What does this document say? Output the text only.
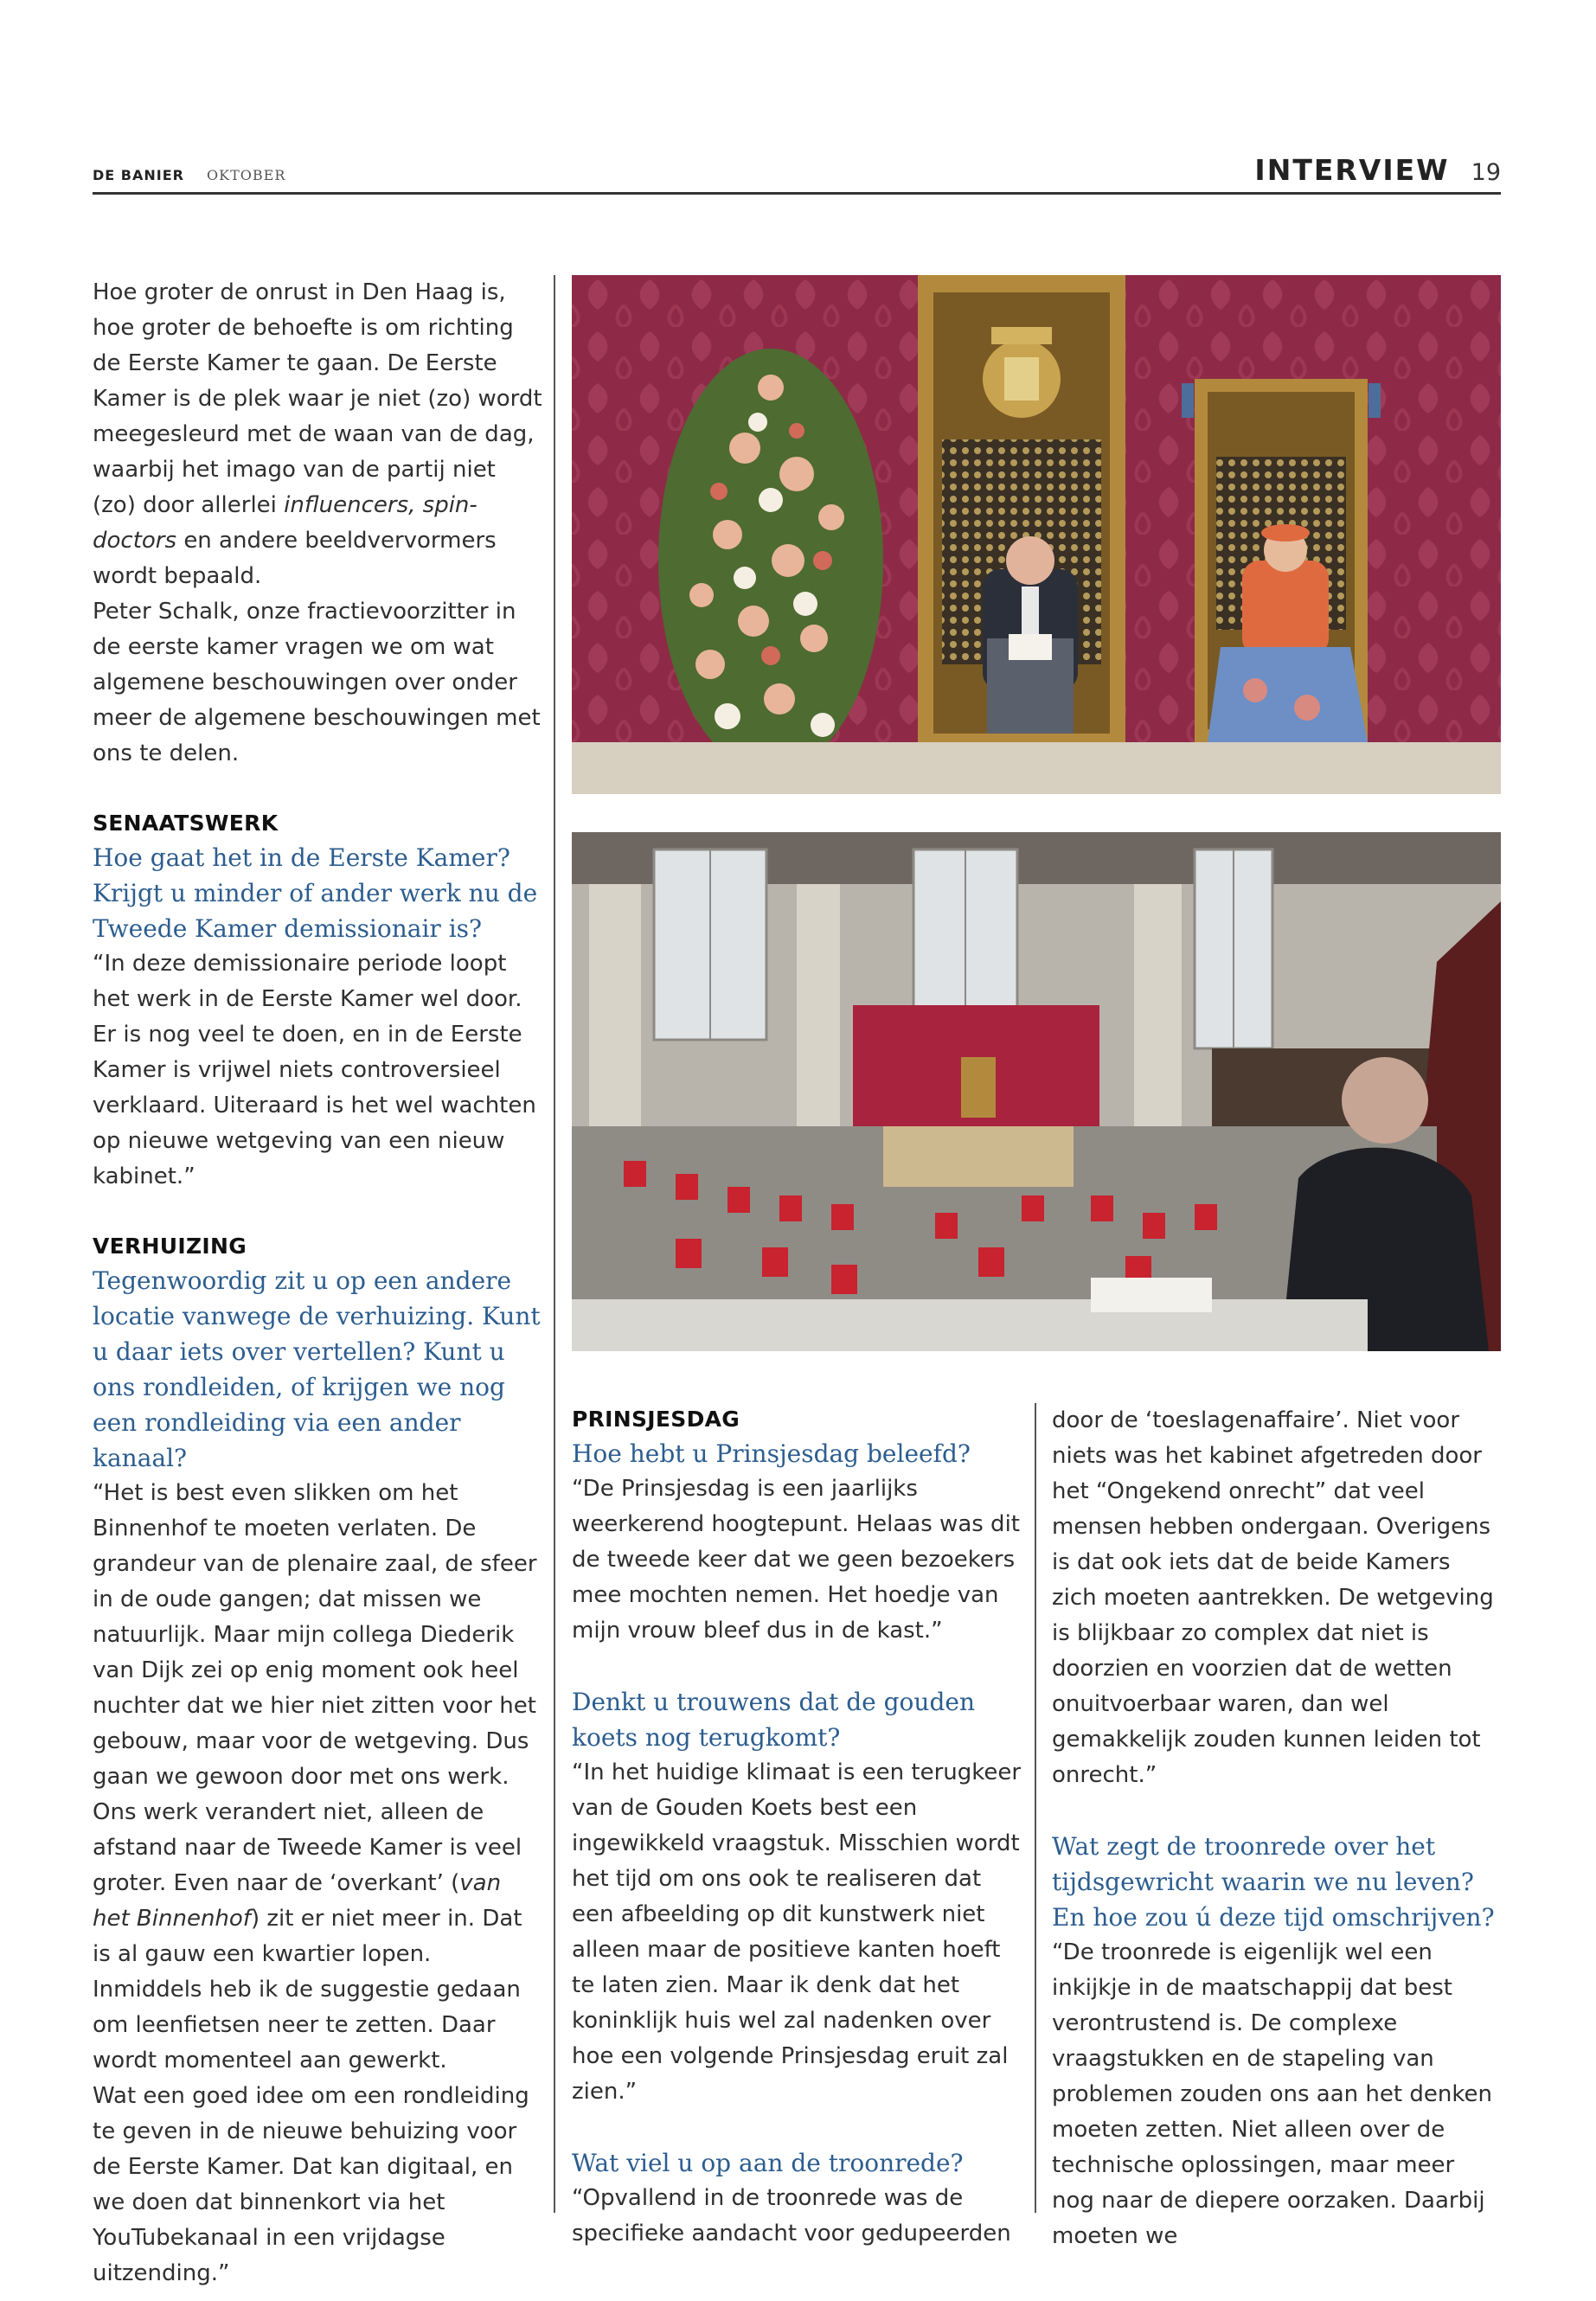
DE BANIER OKTOBER	INTERVIEW 19

Hoe groter de onrust in Den Haag is, hoe groter de behoefte is om richting de Eerste Kamer te gaan. De Eerste Kamer is de plek waar je niet (zo) wordt meegesleurd met de waan van de dag, waarbij het imago van de partij niet (zo) door allerlei influencers, spin-doctors en andere beeldvervormers wordt bepaald.

Peter Schalk, onze fractievoorzitter in de eerste kamer vragen we om wat algemene beschouwingen over onder meer de algemene beschouwingen met ons te delen.

SENAATSWERK
Hoe gaat het in de Eerste Kamer? Krijgt u minder of ander werk nu de Tweede Kamer demissionair is?

“In deze demissionaire periode loopt het werk in de Eerste Kamer wel door. Er is nog veel te doen, en in de Eerste Kamer is vrijwel niets controversieel verklaard. Uiteraard is het wel wachten op nieuwe wetgeving van een nieuw kabinet.”

VERHUIZING
Tegenwoordig zit u op een andere locatie vanwege de verhuizing. Kunt u daar iets over vertellen? Kunt u ons rondleiden, of krijgen we nog een rondleiding via een ander kanaal?

“Het is best even slikken om het Binnenhof te moeten verlaten. De grandeur van de plenaire zaal, de sfeer in de oude gangen; dat missen we natuurlijk. Maar mijn collega Diederik van Dijk zei op enig moment ook heel nuchter dat we hier niet zitten voor het gebouw, maar voor de wetgeving. Dus gaan we gewoon door met ons werk. Ons werk verandert niet, alleen de afstand naar de Tweede Kamer is veel groter. Even naar de ‘overkant’ (van het Binnenhof) zit er niet meer in. Dat is al gauw een kwartier lopen. Inmiddels heb ik de suggestie gedaan om leenfietsen neer te zetten. Daar wordt momenteel aan gewerkt.

Wat een goed idee om een rondleiding te geven in de nieuwe behuizing voor de Eerste Kamer. Dat kan digitaal, en we doen dat binnenkort via het YouTubekanaal in een vrijdagse uitzending.”

PRINSJESDAG
Hoe hebt u Prinsjesdag beleefd?

“De Prinsjesdag is een jaarlijks weerkerend hoogtepunt. Helaas was dit de tweede keer dat we geen bezoekers mee mochten nemen. Het hoedje van mijn vrouw bleef dus in de kast.”

Denkt u trouwens dat de gouden koets nog terugkomt?

“In het huidige klimaat is een terugkeer van de Gouden Koets best een ingewikkeld vraagstuk. Misschien wordt het tijd om ons ook te realiseren dat een afbeelding op dit kunstwerk niet alleen maar de positieve kanten hoeft te laten zien. Maar ik denk dat het koninklijk huis wel zal nadenken over hoe een volgende Prinsjesdag eruit zal zien.”

Wat viel u op aan de troonrede?

“Opvallend in de troonrede was de specifieke aandacht voor gedupeerden

door de ‘toeslagenaffaire’. Niet voor niets was het kabinet afgetreden door het “Ongekend onrecht” dat veel mensen hebben ondergaan. Overigens is dat ook iets dat de beide Kamers zich moeten aantrekken. De wetgeving is blijkbaar zo complex dat niet is doorzien en voorzien dat de wetten onuitvoerbaar waren, dan wel gemakkelijk zouden kunnen leiden tot onrecht.”

Wat zegt de troonrede over het tijdsgewricht waarin we nu leven? En hoe zou ú deze tijd omschrijven?

“De troonrede is eigenlijk wel een inkijkje in de maatschappij dat best verontrustend is. De complexe vraagstukken en de stapeling van problemen zouden ons aan het denken moeten zetten. Niet alleen over de technische oplossingen, maar meer nog naar de diepere oorzaken. Daarbij moeten we
